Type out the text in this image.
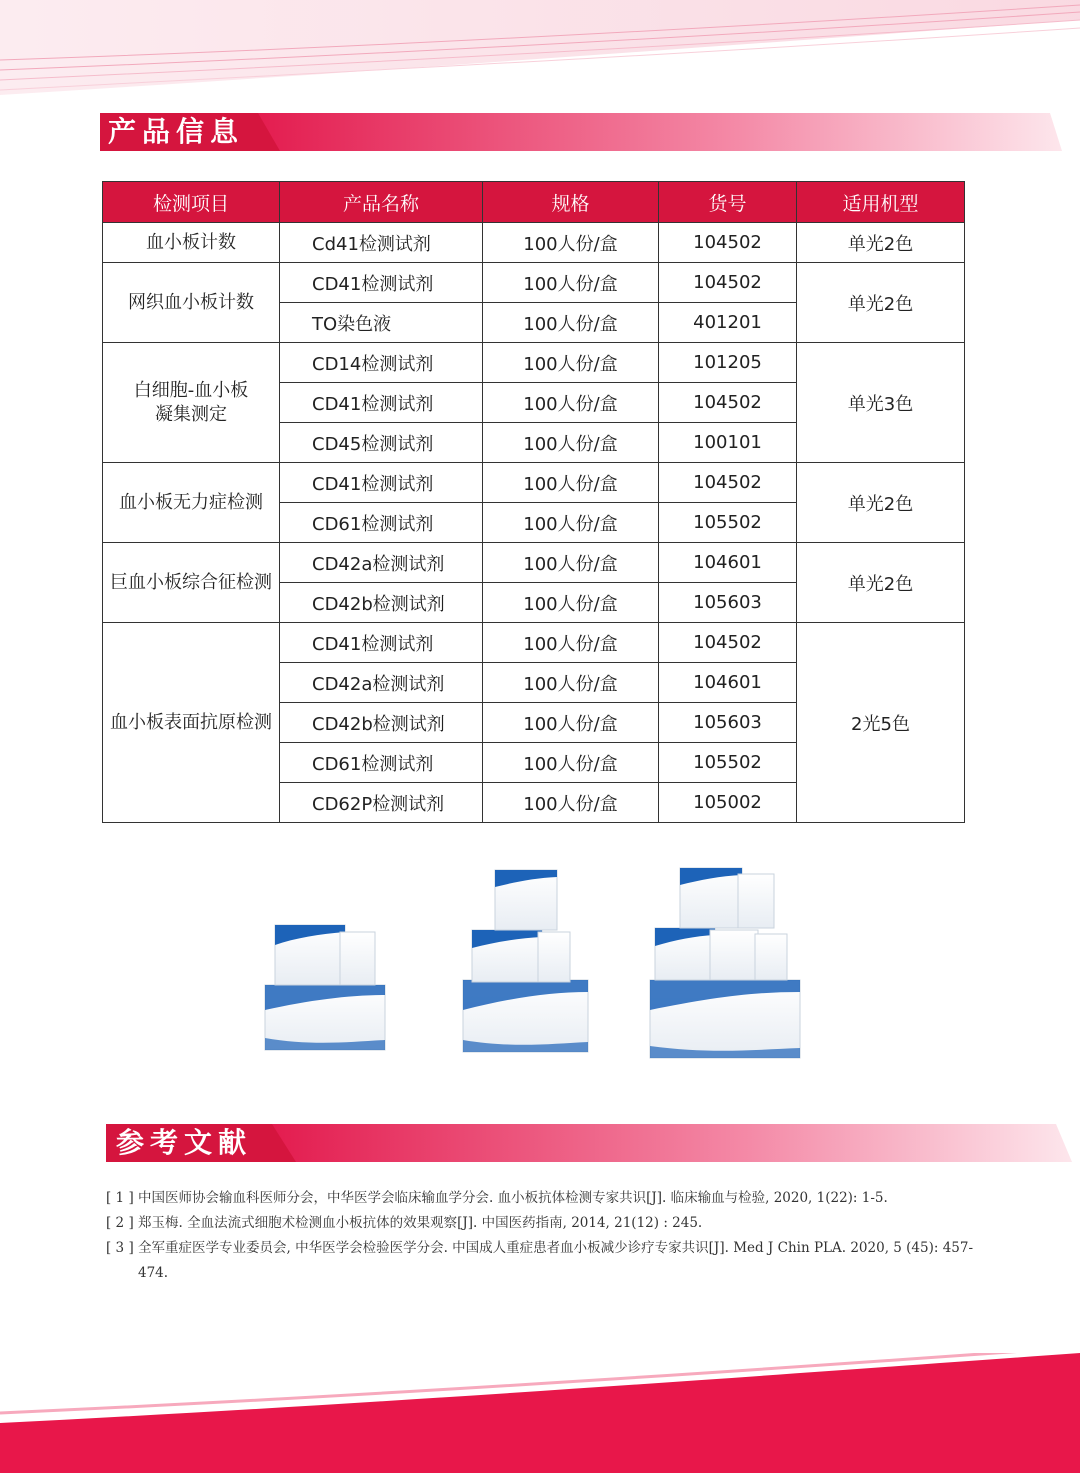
产品信息
检测项目	产品名称	规格	货号	适用机型
血小板计数	Cd41检测试剂	100人份/盒	104502	单光2色
网织血小板计数	CD41检测试剂	100人份/盒	104502	单光2色
	TO染色液	100人份/盒	401201	
白细胞-血小板
凝集测定	CD14检测试剂	100人份/盒	101205	单光3色
	CD41检测试剂	100人份/盒	104502	
	CD45检测试剂	100人份/盒	100101	
血小板无力症检测	CD41检测试剂	100人份/盒	104502	单光2色
	CD61检测试剂	100人份/盒	105502	
巨血小板综合征检测	CD42a检测试剂	100人份/盒	104601	单光2色
	CD42b检测试剂	100人份/盒	105603	
血小板表面抗原检测	CD41检测试剂	100人份/盒	104502	2光5色
	CD42a检测试剂	100人份/盒	104601	
	CD42b检测试剂	100人份/盒	105603	
	CD61检测试剂	100人份/盒	105502	
	CD62P检测试剂	100人份/盒	105002	
参考文献
[ 1 ] 中国医师协会输血科医师分会，中华医学会临床输血学分会. 血小板抗体检测专家共识[J]. 临床输血与检验, 2020, 1(22): 1-5.
[ 2 ] 郑玉梅. 全血法流式细胞术检测血小板抗体的效果观察[J]. 中国医药指南, 2014, 21(12) : 245.
[ 3 ] 全军重症医学专业委员会, 中华医学会检验医学分会. 中国成人重症患者血小板减少诊疗专家共识[J]. Med J Chin PLA. 2020, 5 (45): 457-474.
